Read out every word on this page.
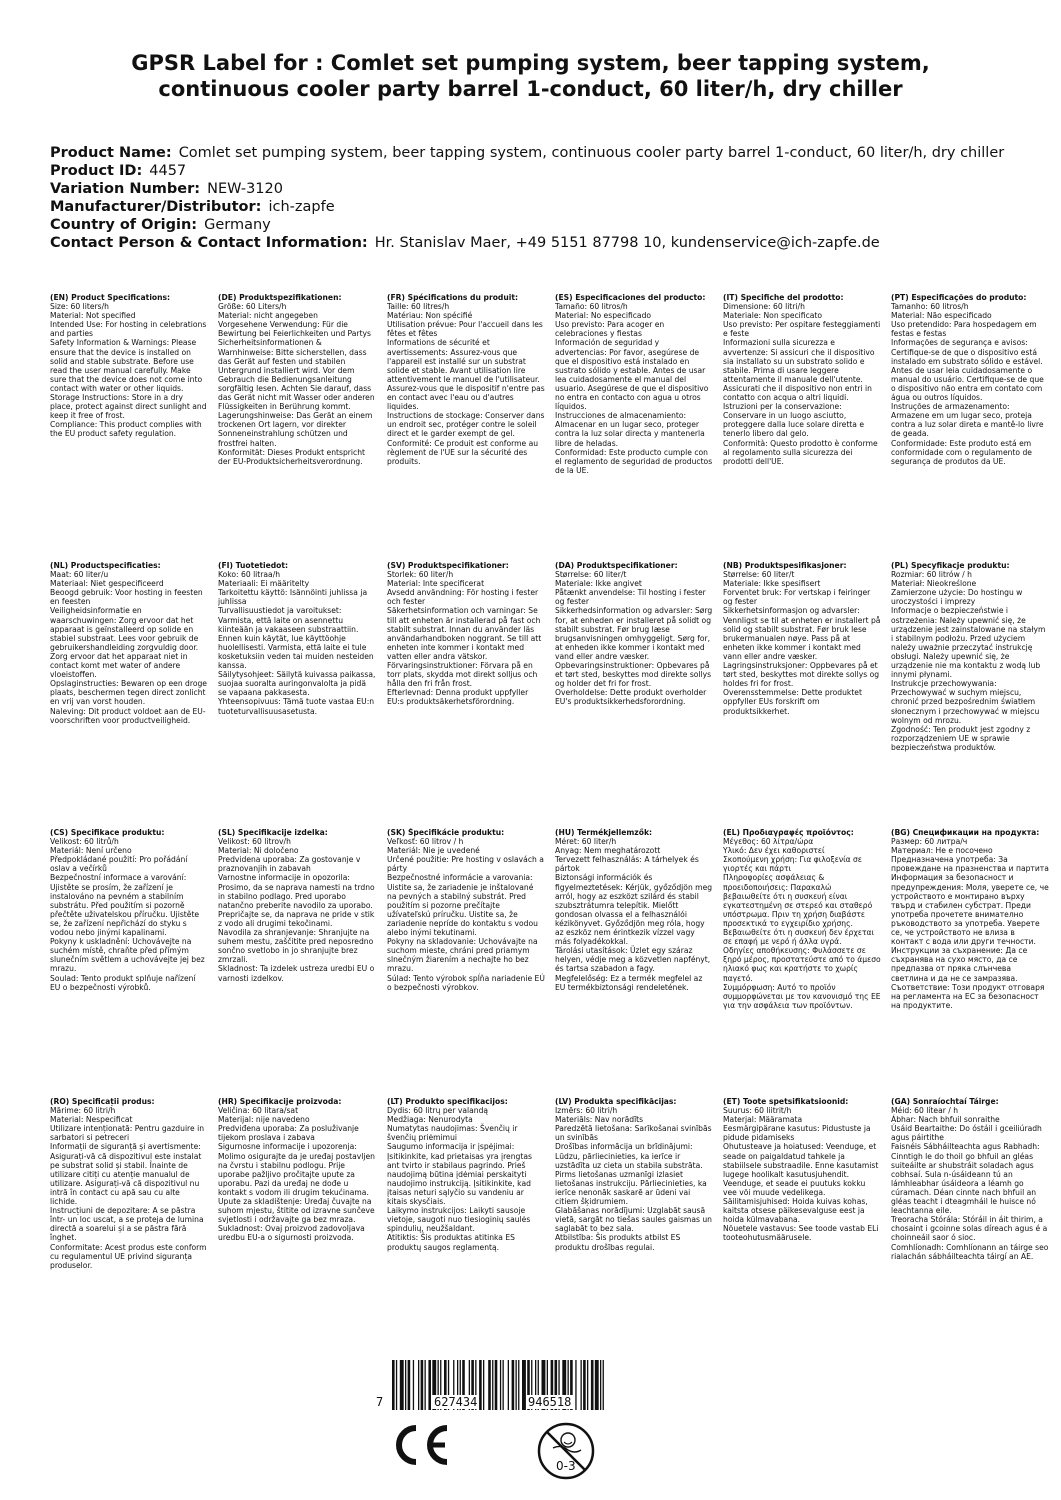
GPSR Label for : Comlet set pumping system, beer tapping system,
continuous cooler party barrel 1-conduct, 60 liter/h, dry chiller
Product Name: Comlet set pumping system, beer tapping system, continuous cooler party barrel 1-conduct, 60 liter/h, dry chiller
Product ID: 4457
Variation Number: NEW-3120
Manufacturer/Distributor: ich-zapfe
Country of Origin: Germany
Contact Person & Contact Information: Hr. Stanislav Maer, +49 5151 87798 10, kundenservice@ich-zapfe.de
(EN) Product Specifications:
Size: 60 liters/h
Material: Not specified
Intended Use: For hosting in celebrations and parties
Safety Information & Warnings: Please ensure that the device is installed on solid and stable substrate. Before use read the user manual carefully. Make sure that the device does not come into contact with water or other liquids.
Storage Instructions: Store in a dry place, protect against direct sunlight and keep it free of frost.
Compliance: This product complies with the EU product safety regulation.
(DE) Produktspezifikationen:
Größe: 60 Liters/h
Material: nicht angegeben
Vorgesehene Verwendung: Für die Bewirtung bei Feierlichkeiten und Partys
Sicherheitsinformationen & Warnhinweise: Bitte sicherstellen, dass das Gerät auf festen und stabilen Untergrund installiert wird. Vor dem Gebrauch die Bedienungsanleitung sorgfältig lesen. Achten Sie darauf, dass das Gerät nicht mit Wasser oder anderen Flüssigkeiten in Berührung kommt.
Lagerungshinweise: Das Gerät an einem trockenen Ort lagern, vor direkter Sonneneinstrahlung schützen und frostfrei halten.
Konformität: Dieses Produkt entspricht der EU-Produktsicherheitsverordnung.
(FR) Spécifications du produit:
Taille: 60 litres/h
Matériau: Non spécifié
Utilisation prévue: Pour l'accueil dans les fêtes et fêtes
Informations de sécurité et avertissements: Assurez-vous que l'appareil est installé sur un substrat solide et stable. Avant utilisation lire attentivement le manuel de l'utilisateur. Assurez-vous que le dispositif n'entre pas en contact avec l'eau ou d'autres liquides.
Instructions de stockage: Conserver dans un endroit sec, protéger contre le soleil direct et le garder exempt de gel.
Conformité: Ce produit est conforme au règlement de l'UE sur la sécurité des produits.
(ES) Especificaciones del producto:
Tamaño: 60 litros/h
Material: No especificado
Uso previsto: Para acoger en celebraciones y fiestas
Información de seguridad y advertencias: Por favor, asegúrese de que el dispositivo está instalado en sustrato sólido y estable. Antes de usar lea cuidadosamente el manual del usuario. Asegúrese de que el dispositivo no entra en contacto con agua u otros líquidos.
Instrucciones de almacenamiento: Almacenar en un lugar seco, proteger contra la luz solar directa y mantenerla libre de heladas.
Conformidad: Este producto cumple con el reglamento de seguridad de productos de la UE.
(IT) Specifiche del prodotto:
Dimensione: 60 litri/h
Materiale: Non specificato
Uso previsto: Per ospitare festeggiamenti e feste
Informazioni sulla sicurezza e avvertenze: Si assicuri che il dispositivo sia installato su un substrato solido e stabile. Prima di usare leggere attentamente il manuale dell'utente. Assicurati che il dispositivo non entri in contatto con acqua o altri liquidi.
Istruzioni per la conservazione: Conservare in un luogo asciutto, proteggere dalla luce solare diretta e tenerlo libero dal gelo.
Conformità: Questo prodotto è conforme al regolamento sulla sicurezza dei prodotti dell'UE.
(PT) Especificações do produto:
Tamanho: 60 litros/h
Material: Não especificado
Uso pretendido: Para hospedagem em festas e festas
Informações de segurança e avisos: Certifique-se de que o dispositivo está instalado em substrato sólido e estável. Antes de usar leia cuidadosamente o manual do usuário. Certifique-se de que o dispositivo não entra em contato com água ou outros líquidos.
Instruções de armazenamento: Armazene em um lugar seco, proteja contra a luz solar direta e mantê-lo livre de geada.
Conformidade: Este produto está em conformidade com o regulamento de segurança de produtos da UE.
(NL) Productspecificaties:
Maat: 60 liter/u
Materiaal: Niet gespecificeerd
Beoogd gebruik: Voor hosting in feesten en feesten
Veiligheidsinformatie en waarschuwingen: Zorg ervoor dat het apparaat is geïnstalleerd op solide en stabiel substraat. Lees voor gebruik de gebruikershandleiding zorgvuldig door. Zorg ervoor dat het apparaat niet in contact komt met water of andere vloeistoffen.
Opslaginstructies: Bewaren op een droge plaats, beschermen tegen direct zonlicht en vrij van vorst houden.
Naleving: Dit product voldoet aan de EU-voorschriften voor productveiligheid.
(FI) Tuotetiedot:
Koko: 60 litraa/h
Materiaali: Ei määritelty
Tarkoitettu käyttö: Isännöinti juhlissa ja juhlissa
Turvallisuustiedot ja varoitukset: Varmista, että laite on asennettu kiinteään ja vakaaseen substraattiin. Ennen kuin käytät, lue käyttöohje huolellisesti. Varmista, että laite ei tule kosketuksiin veden tai muiden nesteiden kanssa.
Säilytysohjeet: Säilytä kuivassa paikassa, suojaa suoralta auringonvalolta ja pidä se vapaana pakkasesta.
Yhteensopivuus: Tämä tuote vastaa EU:n tuoteturvallisuusasetusta.
(SV) Produktspecifikationer:
Storlek: 60 liter/h
Material: Inte specificerat
Avsedd användning: För hosting i fester och fester
Säkerhetsinformation och varningar: Se till att enheten är installerad på fast och stabilt substrat. Innan du använder läs användarhandboken noggrant. Se till att enheten inte kommer i kontakt med vatten eller andra vätskor.
Förvaringsinstruktioner: Förvara på en torr plats, skydda mot direkt solljus och hålla den fri från frost.
Efterlevnad: Denna produkt uppfyller EU:s produktsäkerhetsförordning.
(DA) Produktspecifikationer:
Størrelse: 60 liter/t
Materiale: Ikke angivet
Påtænkt anvendelse: Til hosting i fester og fester
Sikkerhedsinformation og advarsler: Sørg for, at enheden er installeret på solidt og stabilt substrat. Før brug læse brugsanvisningen omhyggeligt. Sørg for, at enheden ikke kommer i kontakt med vand eller andre væsker.
Opbevaringsinstruktioner: Opbevares på et tørt sted, beskyttes mod direkte sollys og holder det fri for frost.
Overholdelse: Dette produkt overholder EU's produktsikkerhedsforordning.
(NB) Produktspesifikasjoner:
Størrelse: 60 liter/t
Materiale: Ikke spesifisert
Forventet bruk: For vertskap i feiringer og fester
Sikkerhetsinformasjon og advarsler: Vennligst se til at enheten er installert på solid og stabilt substrat. Før bruk lese brukermanualen nøye. Pass på at enheten ikke kommer i kontakt med vann eller andre væsker.
Lagringsinstruksjoner: Oppbevares på et tørt sted, beskyttes mot direkte sollys og holdes fri for frost.
Overensstemmelse: Dette produktet oppfyller EUs forskrift om produktsikkerhet.
(PL) Specyfikacje produktu:
Rozmiar: 60 litrów / h
Materiał: Nieokreślone
Zamierzone użycie: Do hostingu w uroczystości i imprezy
Informacje o bezpieczeństwie i ostrzeżenia: Należy upewnić się, że urządzenie jest zainstalowane na stałym i stabilnym podłożu. Przed użyciem należy uważnie przeczytać instrukcję obsługi. Należy upewnić się, że urządzenie nie ma kontaktu z wodą lub innymi płynami.
Instrukcje przechowywania: Przechowywać w suchym miejscu, chronić przed bezpośrednim światłem słonecznym i przechowywać w miejscu wolnym od mrozu.
Zgodność: Ten produkt jest zgodny z rozporządzeniem UE w sprawie bezpieczeństwa produktów.
(CS) Specifikace produktu:
Velikost: 60 litrů/h
Materiál: Není určeno
Předpokládané použití: Pro pořádání oslav a večírků
Bezpečnostní informace a varování: Ujistěte se prosím, že zařízení je instalováno na pevném a stabilním substrátu. Před použitím si pozorně přečtěte uživatelskou příručku. Ujistěte se, že zařízení nepřichází do styku s vodou nebo jinými kapalinami.
Pokyny k uskladnění: Uchovávejte na suchém místě, chraňte před přímým slunečním světlem a uchovávejte jej bez mrazu.
Soulad: Tento produkt splňuje nařízení EU o bezpečnosti výrobků.
(SL) Specifikacije izdelka:
Velikost: 60 litrov/h
Material: Ni določeno
Predvidena uporaba: Za gostovanje v praznovanjih in zabavah
Varnostne informacije in opozorila: Prosimo, da se naprava namesti na trdno in stabilno podlago. Pred uporabo natančno preberite navodilo za uporabo. Prepričajte se, da naprava ne pride v stik z vodo ali drugimi tekočinami.
Navodila za shranjevanje: Shranjujte na suhem mestu, zaščitite pred neposredno sončno svetlobo in jo shranjujte brez zmrzali.
Skladnost: Ta izdelek ustreza uredbi EU o varnosti izdelkov.
(SK) Špecifikácie produktu:
Veľkosť: 60 litrov / h
Materiál: Nie je uvedené
Určené použitie: Pre hosting v oslavách a párty
Bezpečnostné informácie a varovania: Uistite sa, že zariadenie je inštalované na pevných a stabilný substrát. Pred použitím si pozorne prečítajte užívateľskú príručku. Uistite sa, že zariadenie nepríde do kontaktu s vodou alebo inými tekutinami.
Pokyny na skladovanie: Uchovávajte na suchom mieste, chráni pred priamym slnečným žiarením a nechajte ho bez mrazu.
Súlad: Tento výrobok spĺňa nariadenie EÚ o bezpečnosti výrobkov.
(HU) Termékjellemzők:
Méret: 60 liter/h
Anyag: Nem meghatározott
Tervezett felhasználás: A tárhelyek és pártok
Biztonsági információk és figyelmeztetések: Kérjük, győződjön meg arról, hogy az eszközt szilárd és stabil szubsztrátumra telepítik. Mielőtt gondosan olvassa el a felhasználói kézikönyvet. Győződjön meg róla, hogy az eszköz nem érintkezik vízzel vagy más folyadékokkal.
Tárolási utasítások: Üzlet egy száraz helyen, védje meg a közvetlen napfényt, és tartsa szabadon a fagy.
Megfelelőség: Ez a termék megfelel az EU termékbiztonsági rendeletének.
(EL) Προδιαγραφές προϊόντος:
Μέγεθος: 60 λίτρα/ώρα
Υλικό: Δεν έχει καθοριστεί
Σκοπούμενη χρήση: Για φιλοξενία σε γιορτές και πάρτι
Πληροφορίες ασφάλειας & προειδοποιήσεις: Παρακαλώ βεβαιωθείτε ότι η συσκευή είναι εγκατεστημένη σε στερεό και σταθερό υπόστρωμα. Πριν τη χρήση διαβάστε προσεκτικά το εγχειρίδιο χρήσης. Βεβαιωθείτε ότι η συσκευή δεν έρχεται σε επαφή με νερό ή άλλα υγρά.
Οδηγίες αποθήκευσης: Φυλάσσετε σε ξηρό μέρος, προστατεύστε από το άμεσο ηλιακό φως και κρατήστε το χωρίς παγετό.
Συμμόρφωση: Αυτό το προϊόν συμμορφώνεται με τον κανονισμό της ΕΕ για την ασφάλεια των προϊόντων.
(BG) Спецификации на продукта:
Размер: 60 литра/ч
Материал: Не е посочено
Предназначена употреба: За провеждане на празненства и партита
Информация за безопасност и предупреждения: Моля, уверете се, че устройството е монтирано върху твърд и стабилен субстрат. Преди употреба прочетете внимателно ръководството за употреба. Уверете се, че устройството не влиза в контакт с вода или други течности.
Инструкции за съхранение: Да се съхранява на сухо място, да се предпазва от пряка слънчева светлина и да не се замразява.
Съответствие: Този продукт отговаря на регламента на ЕС за безопасност на продуктите.
(RO) Specificații produs:
Mărime: 60 litri/h
Material: Nespecificat
Utilizare intenționată: Pentru gazduire in sarbatori si petreceri
Informații de siguranță și avertismente: Asigurați-vă că dispozitivul este instalat pe substrat solid și stabil. Înainte de utilizare citiți cu atenție manualul de utilizare. Asigurați-vă că dispozitivul nu intră în contact cu apă sau cu alte lichide.
Instrucțiuni de depozitare: A se păstra într- un loc uscat, a se proteja de lumina directă a soarelui și a se păstra fără înghet.
Conformitate: Acest produs este conform cu regulamentul UE privind siguranța produselor.
(HR) Specifikacije proizvoda:
Veličina: 60 litara/sat
Materijal: nije navedeno
Predviđena uporaba: Za posluživanje tijekom proslava i zabava
Sigurnosne informacije i upozorenja: Molimo osigurajte da je uređaj postavljen na čvrstu i stabilnu podlogu. Prije uporabe pažljivo pročitajte upute za uporabu. Pazi da uređaj ne dođe u kontakt s vodom ili drugim tekućinama.
Upute za skladištenje: Uređaj čuvajte na suhom mjestu, štitite od izravne sunčeve svjetlosti i održavajte ga bez mraza.
Sukladnost: Ovaj proizvod zadovoljava uredbu EU-a o sigurnosti proizvoda.
(LT) Produkto specifikacijos:
Dydis: 60 litrų per valandą
Medžiaga: Nenurodyta
Numatytas naudojimas: Švenčių ir švenčių priėmimui
Saugumo informacija ir įspėjimai: Įsitikinkite, kad prietaisas yra įrengtas ant tvirto ir stabilaus pagrindo. Prieš naudojimą būtina įdėmiai perskaityti naudojimo instrukciją. Įsitikinkite, kad įtaisas neturi sąlyčio su vandeniu ar kitais skysčiais.
Laikymo instrukcijos: Laikyti sausoje vietoje, saugoti nuo tiesioginių saulės spindulių, neužšaldant.
Atitiktis: Šis produktas atitinka ES produktų saugos reglamentą.
(LV) Produkta specifikācijas:
Izmērs: 60 litri/h
Materiāls: Nav norādīts
Paredzētā lietošana: Sarīkošanai svinībās un svinībās
Drošības informācija un brīdinājumi: Lūdzu, pārliecinieties, ka ierīce ir uzstādīta uz cieta un stabila substrāta. Pirms lietošanas uzmanīgi izlasiet lietošanas instrukciju. Pārliecinieties, ka ierīce nenonāk saskarē ar ūdeni vai citiem šķidrumiem.
Glabāšanas norādījumi: Uzglabāt sausā vietā, sargāt no tiešas saules gaismas un saglabāt to bez sala.
Atbilstība: Šis produkts atbilst ES produktu drošības regulai.
(ET) Toote spetsifikatsioonid:
Suurus: 60 liitrit/h
Materjal: Määramata
Eesmärgipärane kasutus: Pidustuste ja pidude pidamiseks
Ohutusteave ja hoiatused: Veenduge, et seade on paigaldatud tahkele ja stabiilsele substraadile. Enne kasutamist lugege hoolikalt kasutusjuhendit. Veenduge, et seade ei puutuks kokku vee või muude vedelikega.
Säilitamisjuhised: Hoida kuivas kohas, kaitsta otsese päikesevalguse eest ja hoida külmavabana.
Nõuetele vastavus: See toode vastab ELi tooteohutusmäärusele.
(GA) Sonraíochtaí Táirge:
Méid: 60 lítear / h
Ábhar: Nach bhfuil sonraithe
Úsáid Beartaithe: Do óstáil i gceiliúradh agus páirtithe
Faisnéis Sábháilteachta agus Rabhadh: Cinntigh le do thoil go bhfuil an gléas suiteáilte ar shubstráit soladach agus cobhsaí. Sula n-úsáideann tú an lámhleabhar úsáideora a léamh go cúramach. Déan cinnte nach bhfuil an gléas teacht i dteagmháil le huisce nó leachtanna eile.
Treoracha Stórála: Stóráil in áit thirim, a chosaint i gcoinne solas díreach agus é a choinneáil saor ó sioc.
Comhlíonadh: Comhlíonann an táirge seo rialachán sábháilteachta táirgí an AE.
7	627434	946518
0-3
